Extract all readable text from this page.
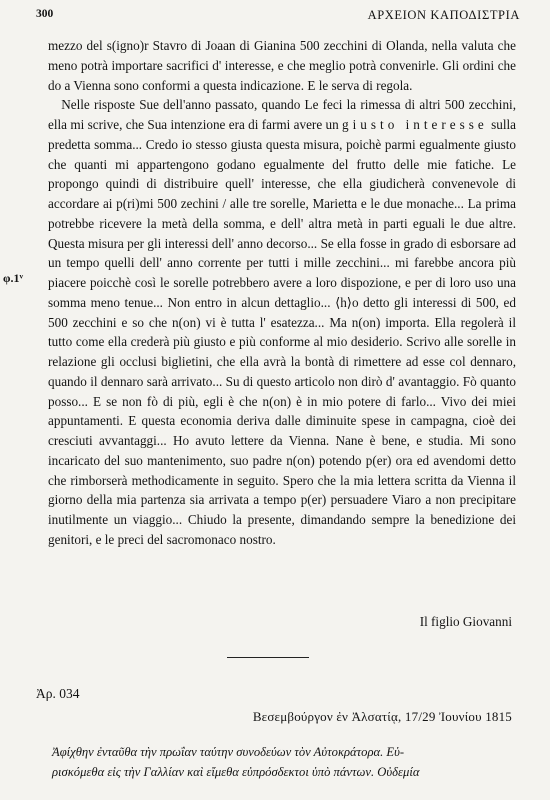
300	ΑΡΧΕΙΟΝ ΚΑΠΟΔΙΣΤΡΙΑ
φ.1ᵛ

mezzo del s(igno)r Stavro di Joaan di Gianina 500 zecchini di Olanda, nella valuta che meno potrà importare sacrifici d' interesse, e che meglio potrà convenirle. Gli ordini che do a Vienna sono conformi a questa indicazione. E le serva di regola.

 Nelle risposte Sue dell'anno passato, quando Le feci la rimessa di altri 500 zecchini, ella mi scrive, che Sua intenzione era di farmi avere un giusto interesse sulla predetta somma... Credo io stesso giusta questa misura, poichè parmi egualmente giusto che quanti mi appartengono godano egualmente del frutto delle mie fatiche. Le propongo quindi di distribuire quell' interesse, che ella giudicherà convenevole di accordare ai p(ri)mi 500 zechini / alle tre sorelle, Marietta e le due monache... La prima potrebbe ricevere la metà della somma, e dell' altra metà in parti eguali le due altre. Questa misura per gli interessi dell' anno decorso... Se ella fosse in grado di esborsare ad un tempo quelli dell' anno corrente per tutti i mille zecchini... mi farebbe ancora più piacere poicchè così le sorelle potrebbero avere a loro dispozione, e per di loro uso una somma meno tenue... Non entro in alcun dettaglio... ⟨h⟩o detto gli interessi di 500, ed 500 zecchini e so che n(on) vi è tutta l' esatezza... Ma n(on) importa. Ella regolerà il tutto come ella crederà più giusto e più conforme al mio desiderio. Scrivo alle sorelle in relazione gli occlusi biglietini, che ella avrà la bontà di rimettere ad esse col dennaro, quando il dennaro sarà arrivato... Su di questo articolo non dirò d' avantaggio. Fò quanto posso... E se non fò di più, egli è che n(on) è in mio potere di farlo... Vivo dei miei appuntamenti. E questa economia deriva dalle diminuite spese in campagna, cioè dei cresciuti avvantaggi... Ho avuto lettere da Vienna. Nane è bene, e studia. Mi sono incaricato del suo mantenimento, suo padre n(on) potendo p(er) ora ed avendomi detto che rimborserà methodicamente in seguito. Spero che la mia lettera scritta da Vienna il giorno della mia partenza sia arrivata a tempo p(er) persuadere Viaro a non precipitare inutilmente un viaggio... Chiudo la presente, dimandando sempre la benedizione dei genitori, e le preci del sacromonaco nostro.

Il figlio Giovanni
Ἀρ. 034
Βεσεμβούργον ἐν Ἀλσατίᾳ, 17/29 Ἰουνίου 1815
Ἀφίχθην ἐνταῦθα τὴν πρωΐαν ταύτην συνοδεύων τὸν Αὐτοκράτορα. Εὑ-
ρισκόμεθα εἰς τὴν Γαλλίαν καὶ εἴμεθα εὐπρόσδεκτοι ὑπὸ πάντων. Οὐδεμία
